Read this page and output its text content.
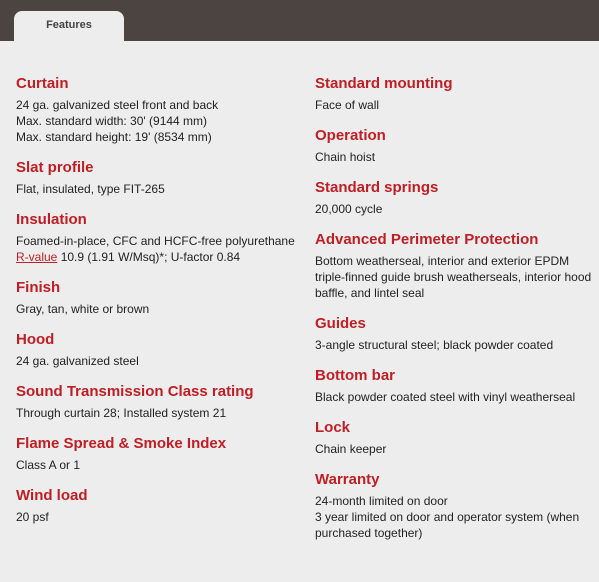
Features
Curtain

24 ga. galvanized steel front and back

Max. standard width: 30' (9144 mm)

Max. standard height: 19' (8534 mm)

Slat profile

Flat, insulated, type FIT-265

Insulation

Foamed-in-place, CFC and HCFC-free polyurethane

R-value 10.9 (1.91 W/Msq)*; U-factor 0.84

Finish

Gray, tan, white or brown

Hood

24 ga. galvanized steel

Sound Transmission Class rating

Through curtain 28; Installed system 21

Flame Spread & Smoke Index

Class A or 1

Wind load

20 psf

Standard mounting

Face of wall

Operation

Chain hoist

Standard springs

20,000 cycle

Advanced Perimeter Protection

Bottom weatherseal, interior and exterior EPDM triple-finned guide brush weatherseals, interior hood baffle, and lintel seal

Guides

3-angle structural steel; black powder coated

Bottom bar

Black powder coated steel with vinyl weatherseal

Lock

Chain keeper

Warranty

24-month limited on door

3 year limited on door and operator system (when purchased together)
